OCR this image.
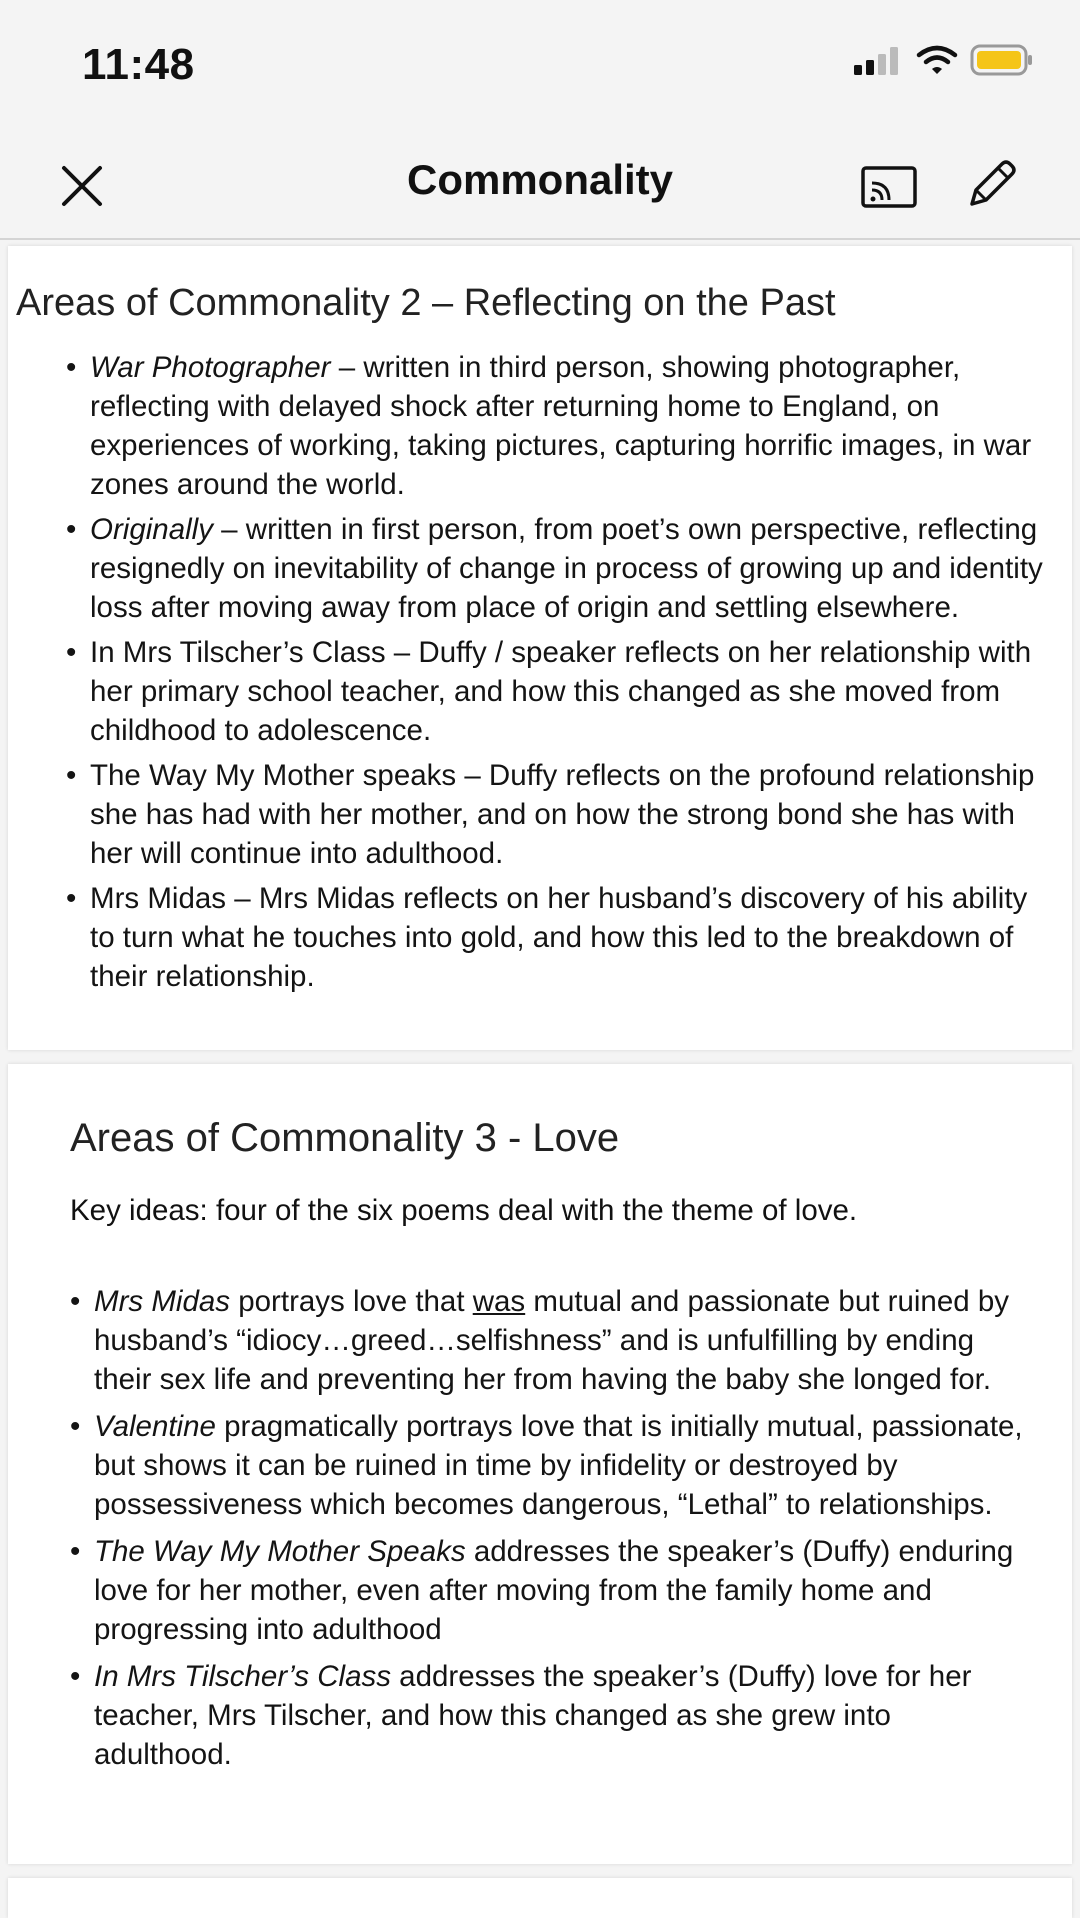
11:48
Commonality
Areas of Commonality 2 – Reflecting on the Past
• War Photographer – written in third person, showing photographer, reflecting with delayed shock after returning home to England, on experiences of working, taking pictures, capturing horrific images, in war zones around the world.
• Originally – written in first person, from poet’s own perspective, reflecting resignedly on inevitability of change in process of growing up and identity loss after moving away from place of origin and settling elsewhere.
• In Mrs Tilscher’s Class – Duffy / speaker reflects on her relationship with her primary school teacher, and how this changed as she moved from childhood to adolescence.
• The Way My Mother speaks – Duffy reflects on the profound relationship she has had with her mother, and on how the strong bond she has with her will continue into adulthood.
• Mrs Midas – Mrs Midas reflects on her husband’s discovery of his ability to turn what he touches into gold, and how this led to the breakdown of their relationship.
Areas of Commonality 3 - Love
Key ideas: four of the six poems deal with the theme of love.
• Mrs Midas portrays love that was mutual and passionate but ruined by husband’s “idiocy…greed…selfishness” and is unfulfilling by ending their sex life and preventing her from having the baby she longed for.
• Valentine pragmatically portrays love that is initially mutual, passionate, but shows it can be ruined in time by infidelity or destroyed by possessiveness which becomes dangerous, “Lethal” to relationships.
• The Way My Mother Speaks addresses the speaker’s (Duffy) enduring love for her mother, even after moving from the family home and progressing into adulthood
• In Mrs Tilscher’s Class addresses the speaker’s (Duffy) love for her teacher, Mrs Tilscher, and how this changed as she grew into adulthood.
